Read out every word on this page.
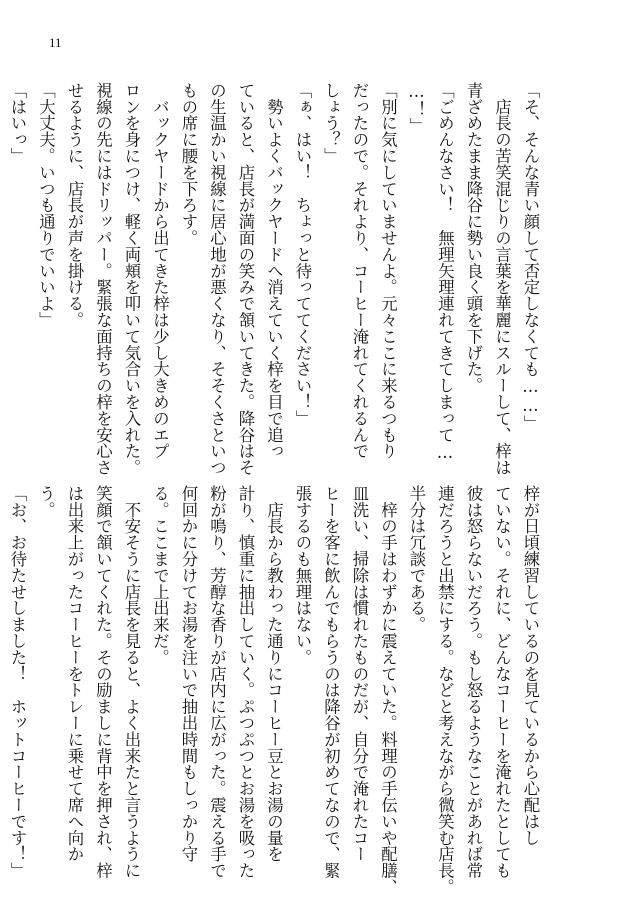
11
「そ、そんな青い顔して否定しなくても……」
　店長の苦笑混じりの言葉を華麗にスルーして、梓は
青ざめたまま降谷に勢い良く頭を下げた。
「ごめんなさい！　無理矢理連れてきてしまって…
…！」
「別に気にしていませんよ。元々ここに来るつもり
だったので。それより、コーヒー淹れてくれるんで
しょう？」
「ぁ、はい！　ちょっと待っててください！」
　勢いよくバックヤードへ消えていく梓を目で追っ
ていると、店長が満面の笑みで頷いてきた。降谷はそ
の生温かい視線に居心地が悪くなり、そそくさといつ
もの席に腰を下ろす。
　バックヤードから出てきた梓は少し大きめのエプ
ロンを身につけ、軽く両頬を叩いて気合いを入れた。
視線の先にはドリッパー。緊張な面持ちの梓を安心さ
せるように、店長が声を掛ける。
「大丈夫。いつも通りでいいよ」
「はいっ」
梓が日頃練習しているのを見ているから心配はし
ていない。それに、どんなコーヒーを淹れたとしても
彼は怒らないだろう。もし怒るようなことがあれば常
連だろうと出禁にする。などと考えながら微笑む店長。
半分は冗談である。
　梓の手はわずかに震えていた。料理の手伝いや配膳、
皿洗い、掃除は慣れたものだが、自分で淹れたコー
ヒーを客に飲んでもらうのは降谷が初めてなので、緊
張するのも無理はない。
　店長から教わった通りにコーヒー豆とお湯の量を
計り、慎重に抽出していく。ぷつぷつとお湯を吸った
粉が鳴り、芳醇な香りが店内に広がった。震える手で
何回かに分けてお湯を注いで抽出時間もしっかり守
る。ここまで上出来だ。
　不安そうに店長を見ると、よく出来たと言うように
笑顔で頷いてくれた。その励ましに背中を押され、梓
は出来上がったコーヒーをトレーに乗せて席へ向か
う。
「お、お待たせしました！　ホットコーヒーです！」
